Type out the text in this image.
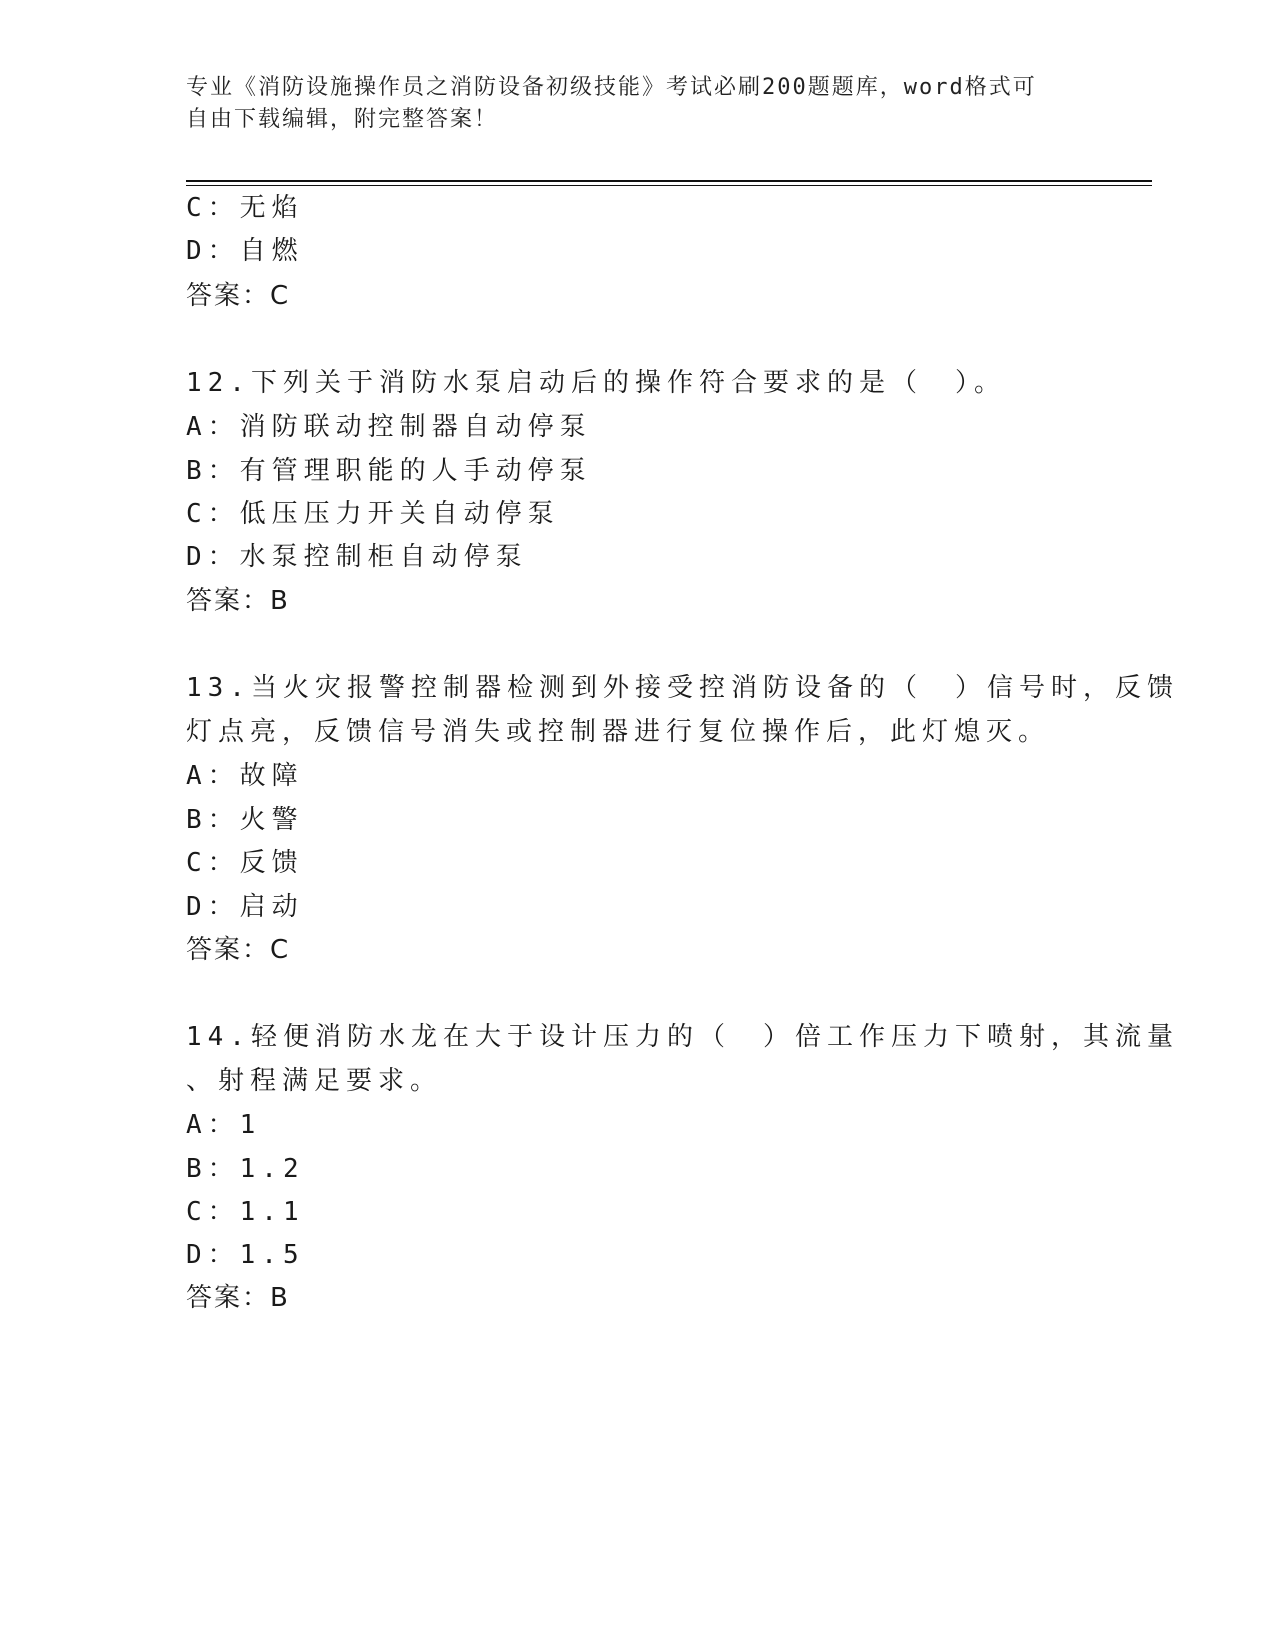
专业《消防设施操作员之消防设备初级技能》考试必刷200题题库，word格式可
自由下载编辑，附完整答案！
C：无焰
D：自燃
答案：C
12.下列关于消防水泵启动后的操作符合要求的是（　）。
A：消防联动控制器自动停泵
B：有管理职能的人手动停泵
C：低压压力开关自动停泵
D：水泵控制柜自动停泵
答案：B
13.当火灾报警控制器检测到外接受控消防设备的（　）信号时，反馈
灯点亮，反馈信号消失或控制器进行复位操作后，此灯熄灭。
A：故障
B：火警
C：反馈
D：启动
答案：C
14.轻便消防水龙在大于设计压力的（　）倍工作压力下喷射，其流量
、射程满足要求。
A：1
B：1.2
C：1.1
D：1.5
答案：B
